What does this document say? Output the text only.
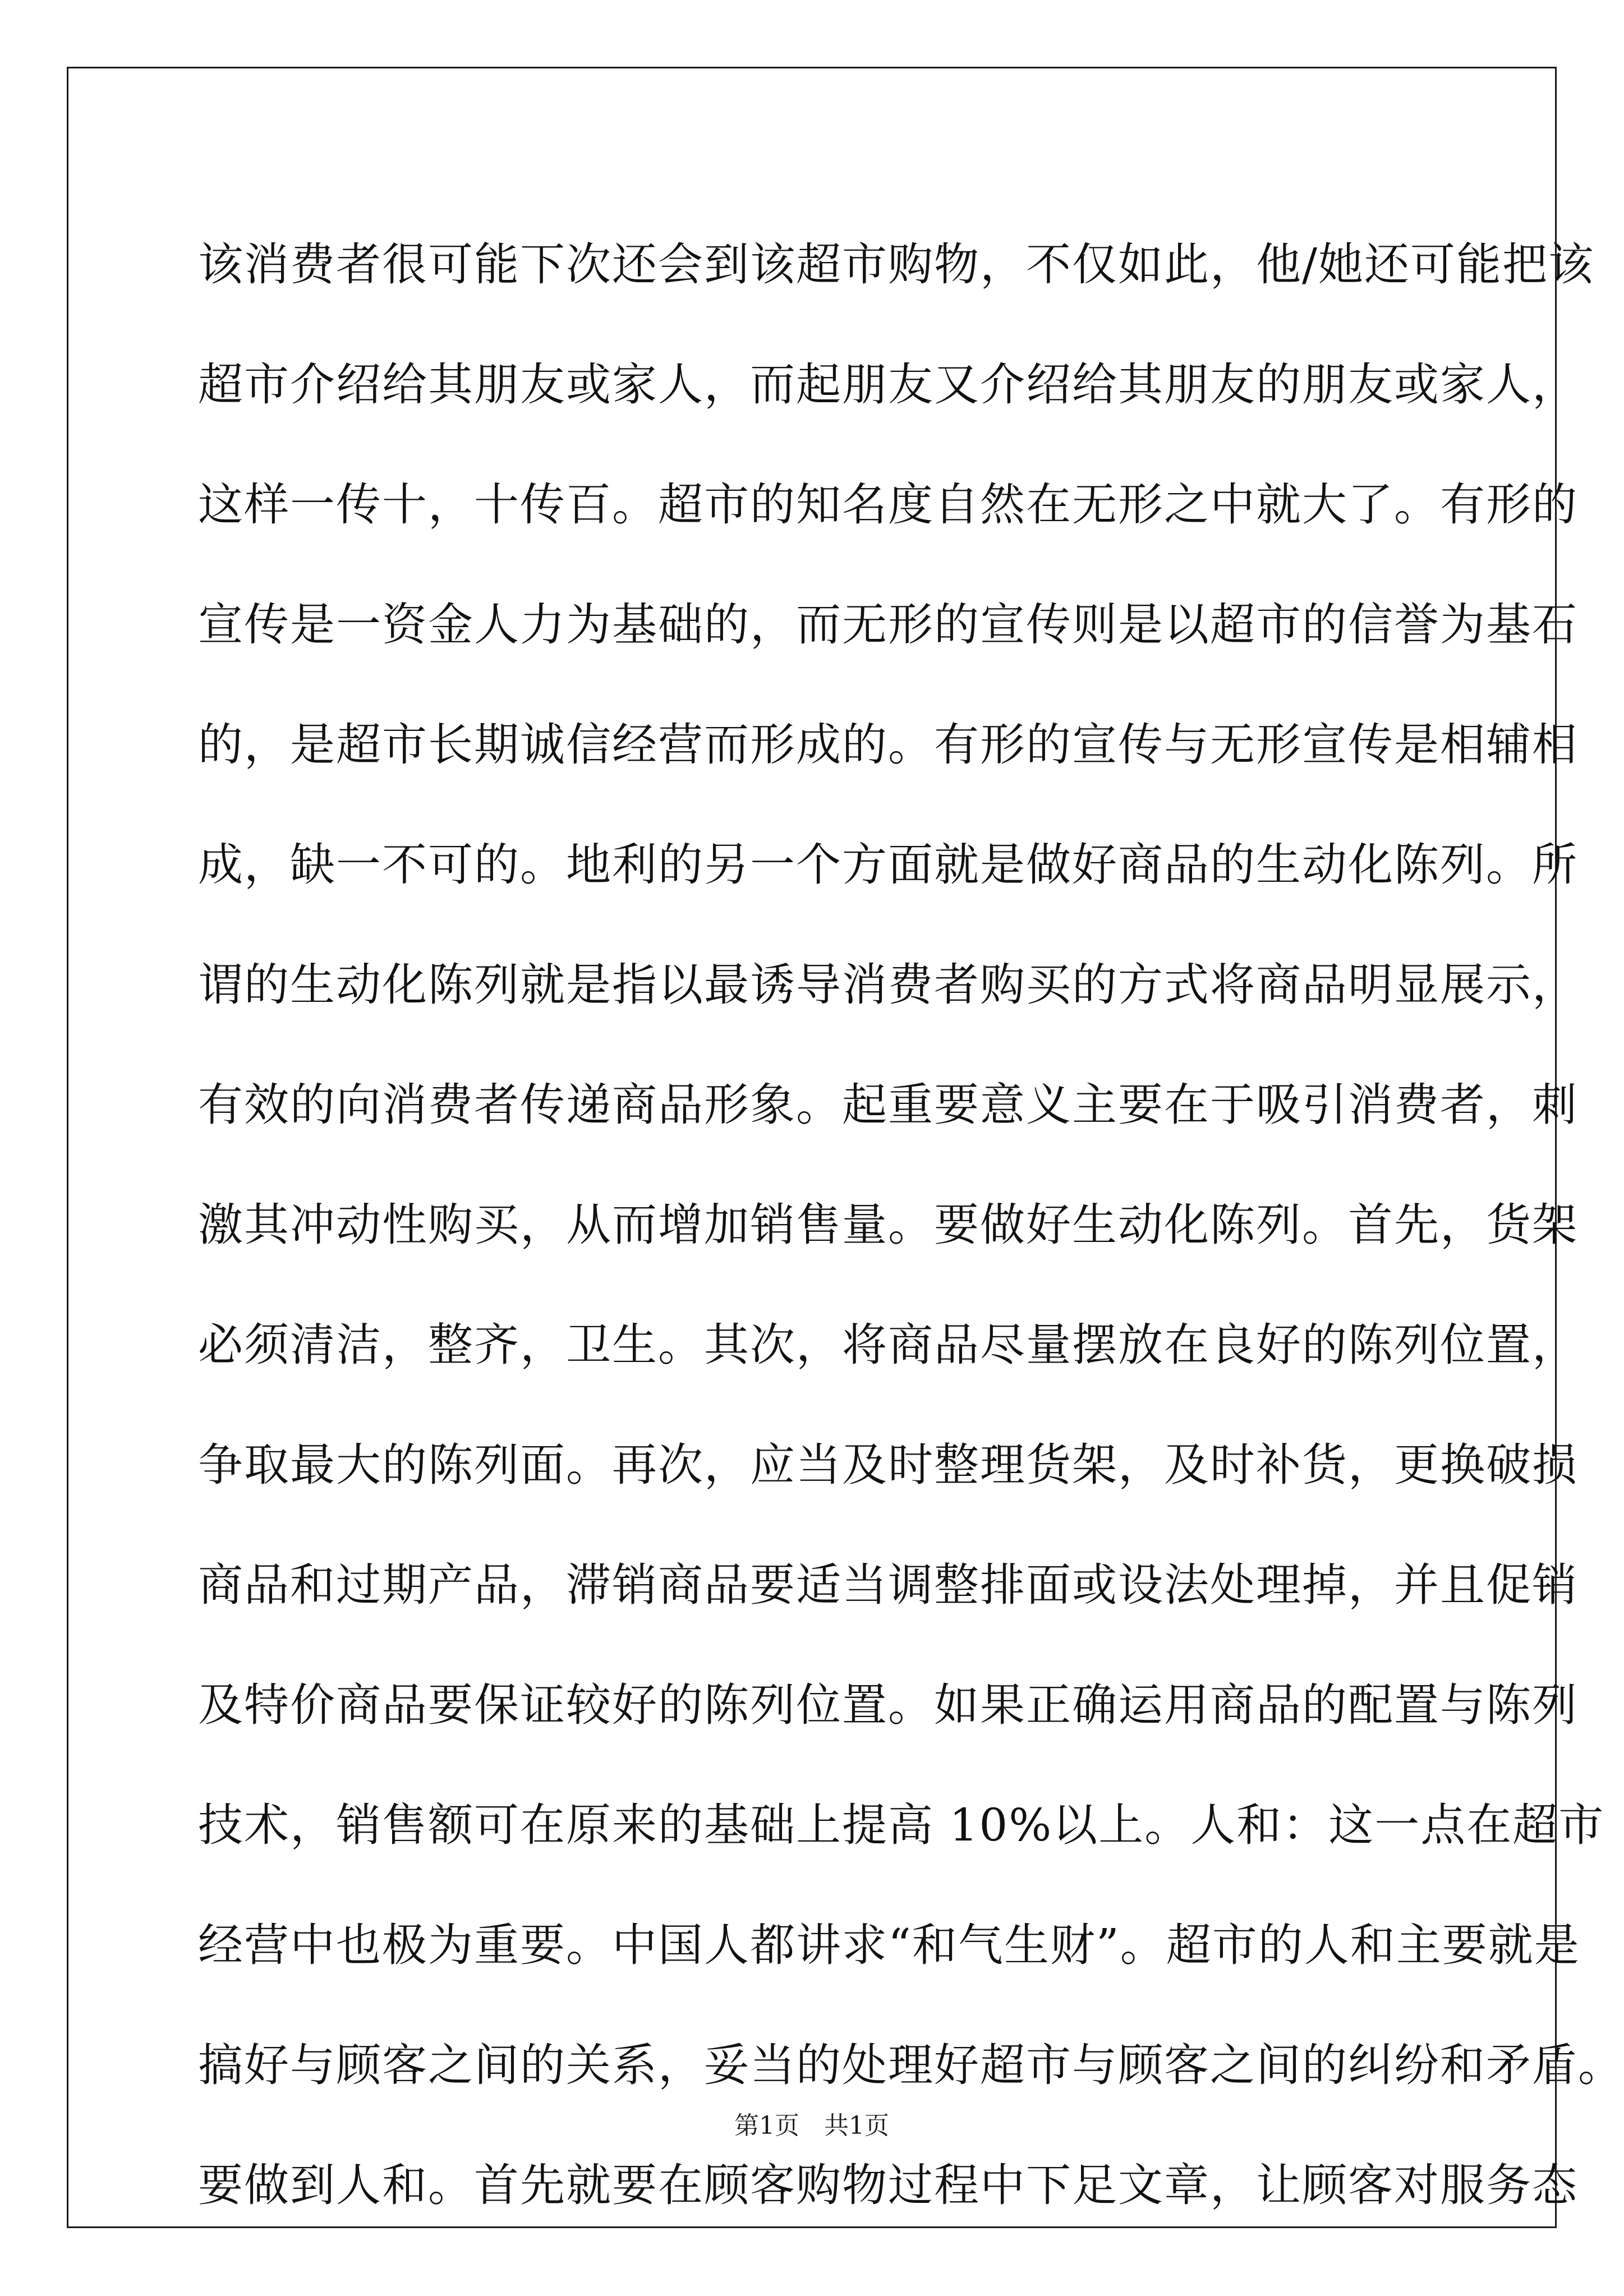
该消费者很可能下次还会到该超市购物，不仅如此，他/她还可能把该
超市介绍给其朋友或家人，而起朋友又介绍给其朋友的朋友或家人，
这样一传十，十传百。超市的知名度自然在无形之中就大了。有形的
宣传是一资金人力为基础的，而无形的宣传则是以超市的信誉为基石
的，是超市长期诚信经营而形成的。有形的宣传与无形宣传是相辅相
成，缺一不可的。地利的另一个方面就是做好商品的生动化陈列。所
谓的生动化陈列就是指以最诱导消费者购买的方式将商品明显展示，
有效的向消费者传递商品形象。起重要意义主要在于吸引消费者，刺
激其冲动性购买，从而增加销售量。要做好生动化陈列。首先，货架
必须清洁，整齐，卫生。其次，将商品尽量摆放在良好的陈列位置，
争取最大的陈列面。再次，应当及时整理货架，及时补货，更换破损
商品和过期产品，滞销商品要适当调整排面或设法处理掉，并且促销
及特价商品要保证较好的陈列位置。如果正确运用商品的配置与陈列
技术，销售额可在原来的基础上提高 10%以上。人和：这一点在超市
经营中也极为重要。中国人都讲求“和气生财”。超市的人和主要就是
搞好与顾客之间的关系，妥当的处理好超市与顾客之间的纠纷和矛盾。
要做到人和。首先就要在顾客购物过程中下足文章，让顾客对服务态
第1页　共1页
